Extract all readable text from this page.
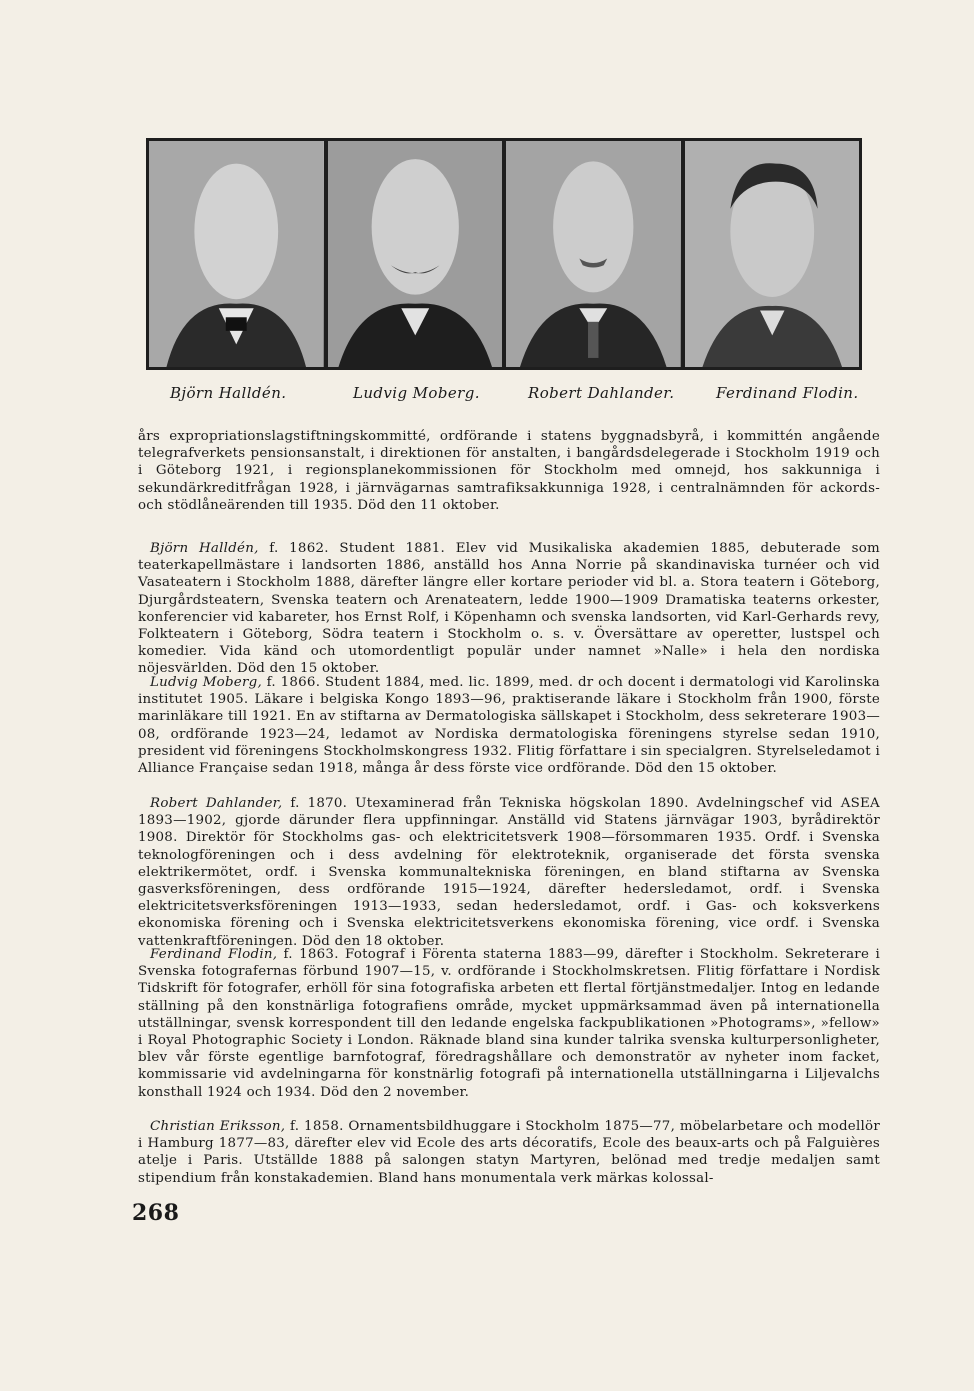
Björn Halldén.	Ludvig Moberg.	Robert Dahlander.	Ferdinand Flodin.

års expropriationslagstiftningskommitté, ordförande i statens byggnadsbyrå, i kommittén angående telegrafverkets pensionsanstalt, i direktionen för anstalten, i bangårdsdelegerade i Stockholm 1919 och i Göteborg 1921, i regionsplanekommissionen för Stockholm med omnejd, hos sakkunniga i sekundärkreditfrågan 1928, i järnvägarnas samtrafiksakkunniga 1928, i centralnämnden för ackords- och stödlåneärenden till 1935. Död den 11 oktober.

Björn Halldén, f. 1862. Student 1881. Elev vid Musikaliska akademien 1885, debuterade som teaterkapellmästare i landsorten 1886, anställd hos Anna Norrie på skandinaviska turnéer och vid Vasateatern i Stockholm 1888, därefter längre eller kortare perioder vid bl. a. Stora teatern i Göteborg, Djurgårdsteatern, Svenska teatern och Arenateatern, ledde 1900—1909 Dramatiska teaterns orkester, konferencier vid kabareter, hos Ernst Rolf, i Köpenhamn och svenska landsorten, vid Karl-Gerhards revy, Folkteatern i Göteborg, Södra teatern i Stockholm o. s. v. Översättare av operetter, lustspel och komedier. Vida känd och utomordentligt populär under namnet »Nalle» i hela den nordiska nöjesvärlden. Död den 15 oktober.

Ludvig Moberg, f. 1866. Student 1884, med. lic. 1899, med. dr och docent i dermatologi vid Karolinska institutet 1905. Läkare i belgiska Kongo 1893—96, praktiserande läkare i Stockholm från 1900, förste marinläkare till 1921. En av stiftarna av Dermatologiska sällskapet i Stockholm, dess sekreterare 1903—08, ordförande 1923—24, ledamot av Nordiska dermatologiska föreningens styrelse sedan 1910, president vid föreningens Stockholmskongress 1932. Flitig författare i sin specialgren. Styrelseledamot i Alliance Française sedan 1918, många år dess förste vice ordförande. Död den 15 oktober.

Robert Dahlander, f. 1870. Utexaminerad från Tekniska högskolan 1890. Avdelningschef vid ASEA 1893—1902, gjorde därunder flera uppfinningar. Anställd vid Statens järnvägar 1903, byrådirektör 1908. Direktör för Stockholms gas- och elektricitetsverk 1908—försommaren 1935. Ordf. i Svenska teknologföreningen och i dess avdelning för elektroteknik, organiserade det första svenska elektrikermötet, ordf. i Svenska kommunaltekniska föreningen, en bland stiftarna av Svenska gasverksföreningen, dess ordförande 1915—1924, därefter hedersledamot, ordf. i Svenska elektricitetsverksföreningen 1913—1933, sedan hedersledamot, ordf. i Gas- och koksverkens ekonomiska förening och i Svenska elektricitetsverkens ekonomiska förening, vice ordf. i Svenska vattenkraftföreningen. Död den 18 oktober.

Ferdinand Flodin, f. 1863. Fotograf i Förenta staterna 1883—99, därefter i Stockholm. Sekreterare i Svenska fotografernas förbund 1907—15, v. ordförande i Stockholmskretsen. Flitig författare i Nordisk Tidskrift för fotografer, erhöll för sina fotografiska arbeten ett flertal förtjänstmedaljer. Intog en ledande ställning på den konstnärliga fotografiens område, mycket uppmärksammad även på internationella utställningar, svensk korrespondent till den ledande engelska fackpublikationen »Photograms», »fellow» i Royal Photographic Society i London. Räknade bland sina kunder talrika svenska kulturpersonligheter, blev vår förste egentlige barnfotograf, föredragshållare och demonstratör av nyheter inom facket, kommissarie vid avdelningarna för konstnärlig fotografi på internationella utställningarna i Liljevalchs konsthall 1924 och 1934. Död den 2 november.

Christian Eriksson, f. 1858. Ornamentsbildhuggare i Stockholm 1875—77, möbelarbetare och modellör i Hamburg 1877—83, därefter elev vid Ecole des arts décoratifs, Ecole des beaux-arts och på Falguières atelje i Paris. Utställde 1888 på salongen statyn Martyren, belönad med tredje medaljen samt stipendium från konstakademien. Bland hans monumentala verk märkas kolossal-

268
